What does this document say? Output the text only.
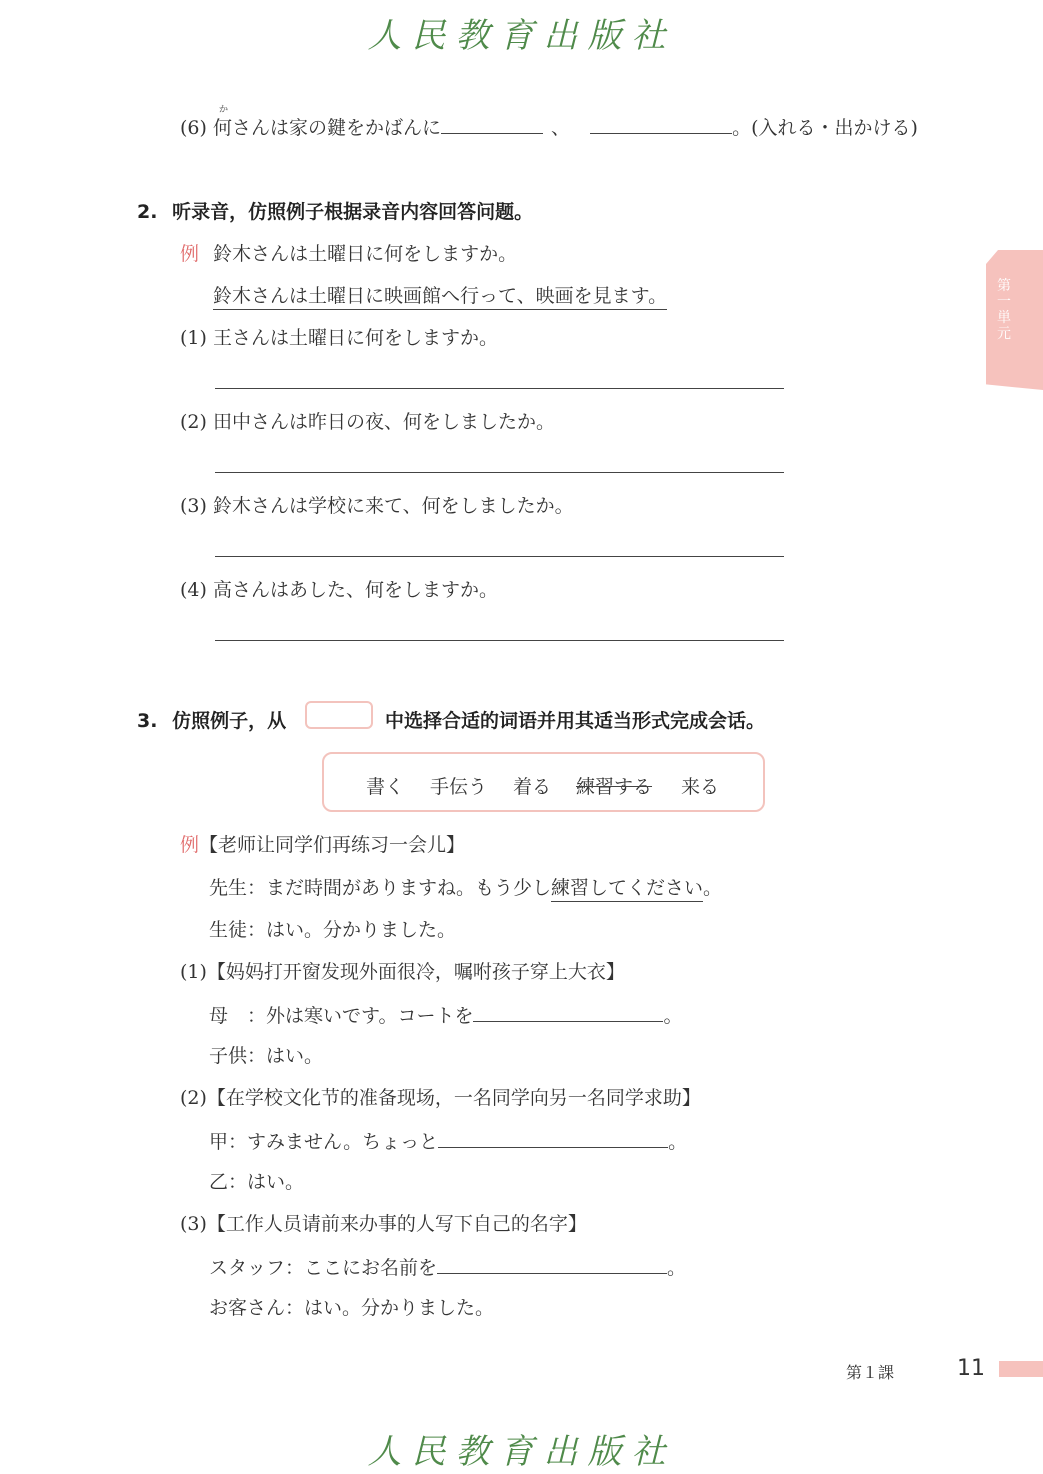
人民教育出版社
か
(6) 何さんは家の鍵をかばんに	、	。(入れる・出かける)
2. 听录音，仿照例子根据录音内容回答问题。
例 鈴木さんは土曜日に何をしますか。
鈴木さんは土曜日に映画館へ行って、映画を見ます。
(1) 王さんは土曜日に何をしますか。
(2) 田中さんは昨日の夜、何をしましたか。
(3) 鈴木さんは学校に来て、何をしましたか。
(4) 高さんはあした、何をしますか。
3. 仿照例子，从	中选择合适的词语并用其适当形式完成会话。
書く 手伝う 着る 練習する 来る
例【老师让同学们再练习一会儿】
先生：まだ時間がありますね。もう少し練習してください。
生徒：はい。分かりました。
(1)【妈妈打开窗发现外面很冷，嘱咐孩子穿上大衣】
母　：外は寒いです。コートを	。
子供：はい。
(2)【在学校文化节的准备现场，一名同学向另一名同学求助】
甲：すみません。ちょっと	。
乙：はい。
(3)【工作人员请前来办事的人写下自己的名字】
スタッフ：ここにお名前を	。
お客さん：はい。分かりました。
第一単元
第１課	11
人民教育出版社
